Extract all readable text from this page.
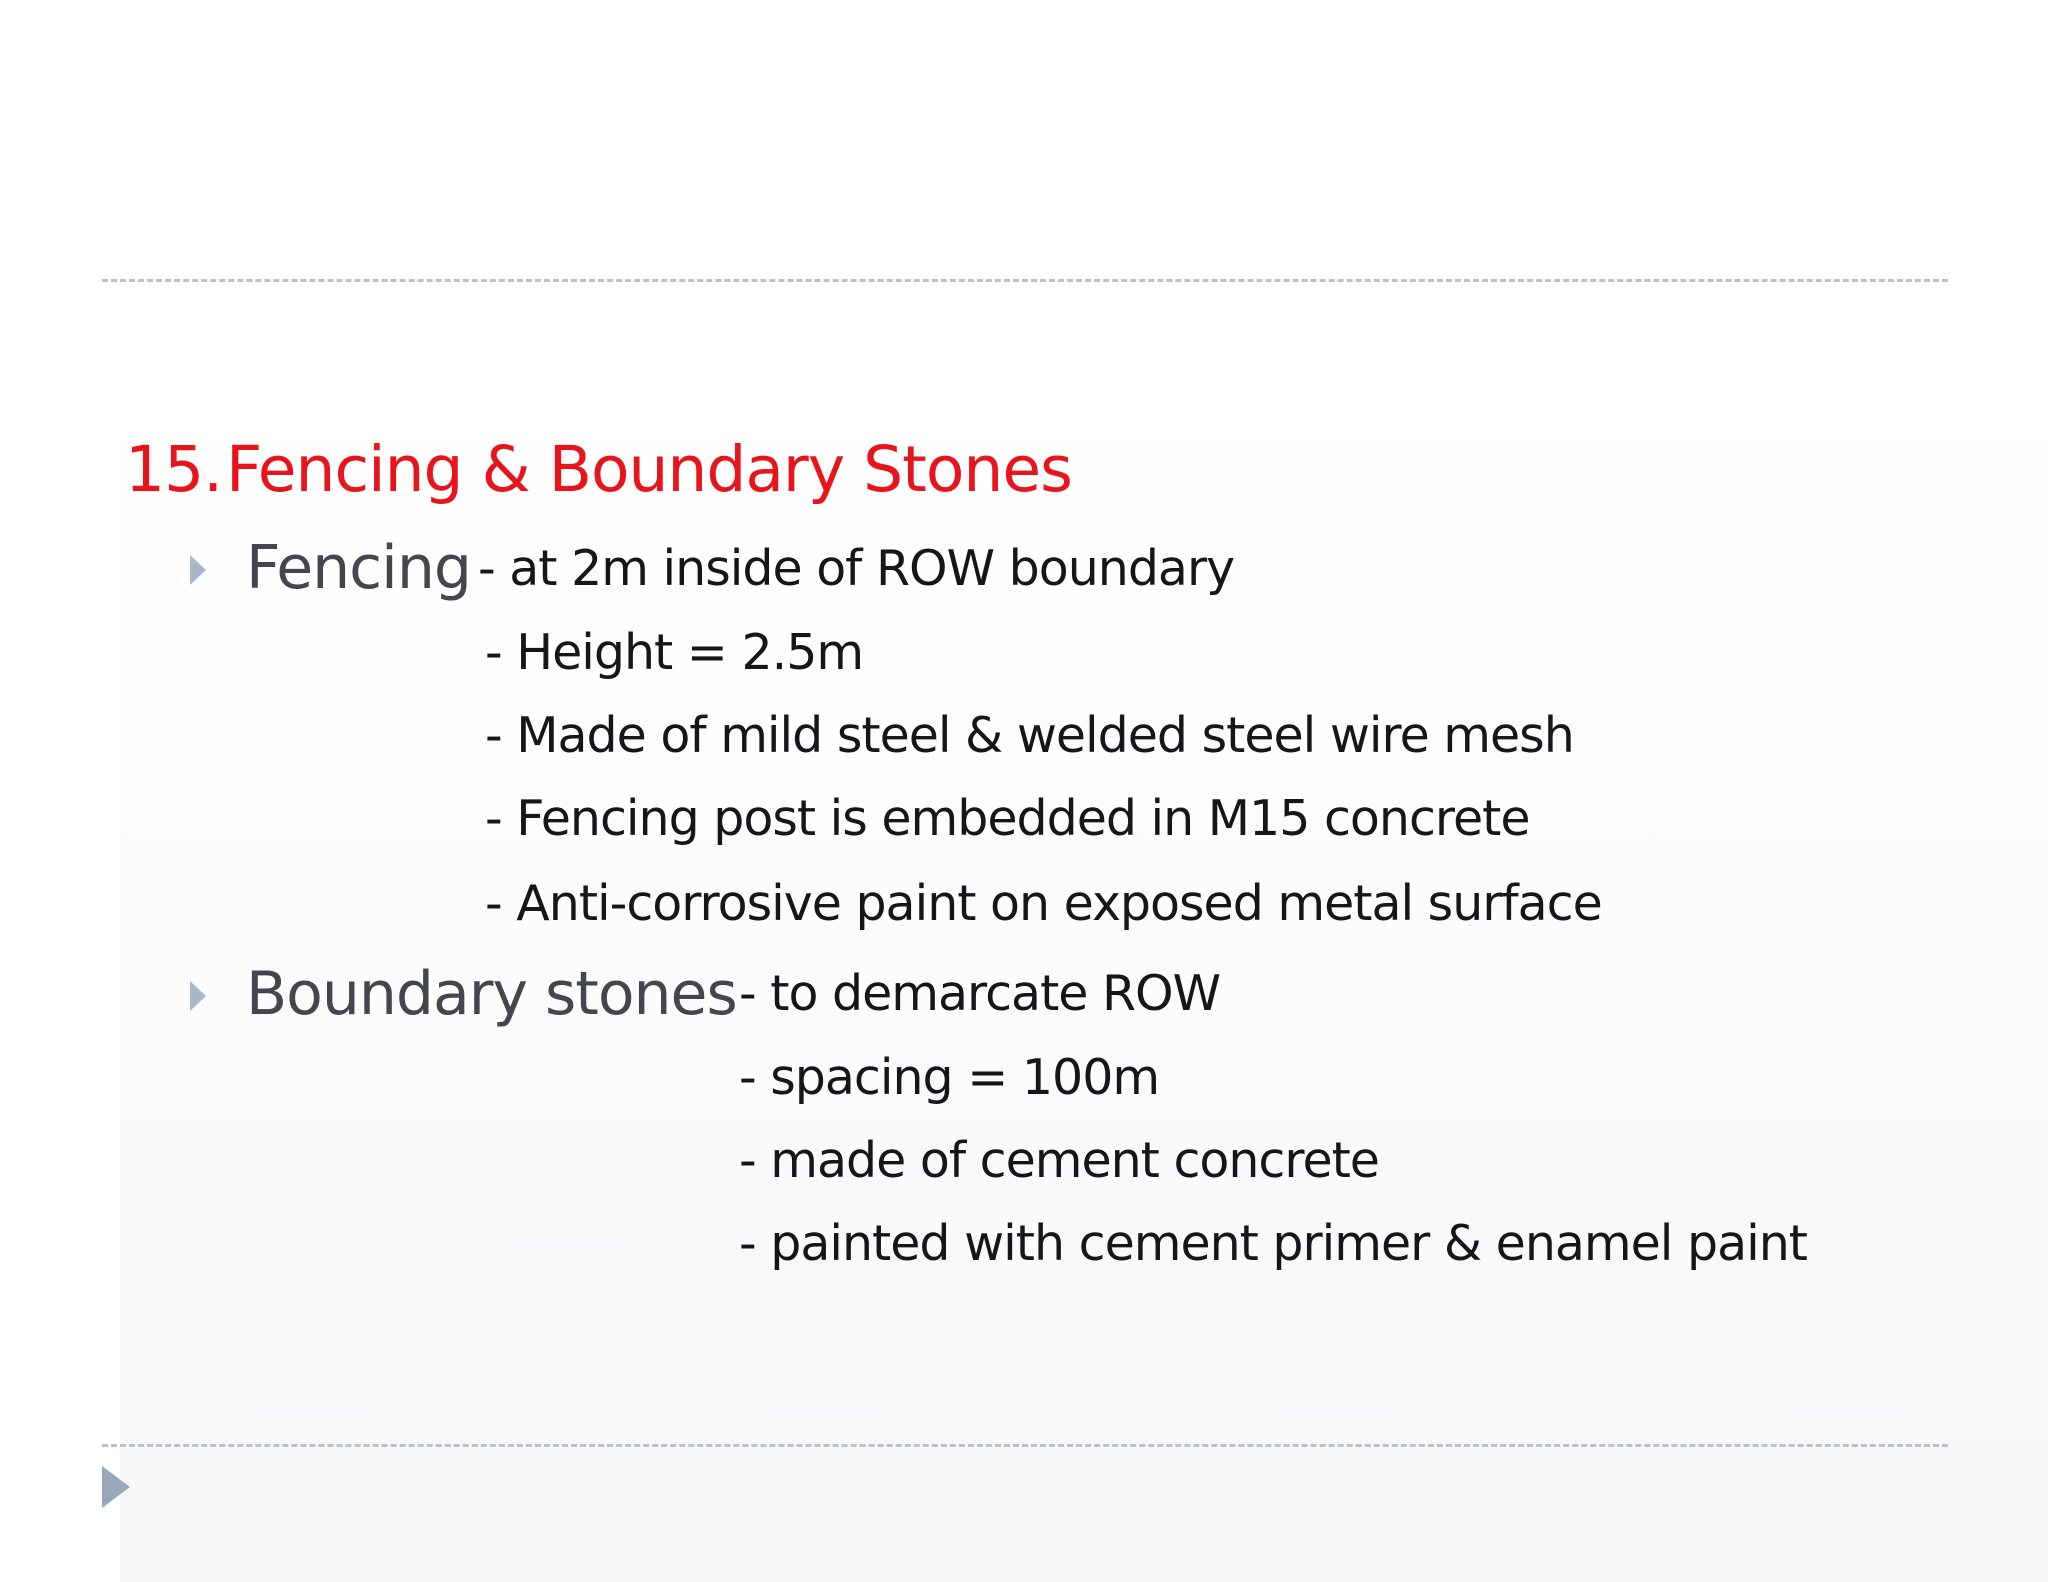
15.Fencing & Boundary Stones
Fencing - at 2m inside of ROW boundary
- Height = 2.5m
- Made of mild steel & welded steel wire mesh
- Fencing post is embedded in M15 concrete
- Anti-corrosive paint on exposed metal surface
Boundary stones - to demarcate ROW
- spacing = 100m
- made of cement concrete
- painted with cement primer & enamel paint
